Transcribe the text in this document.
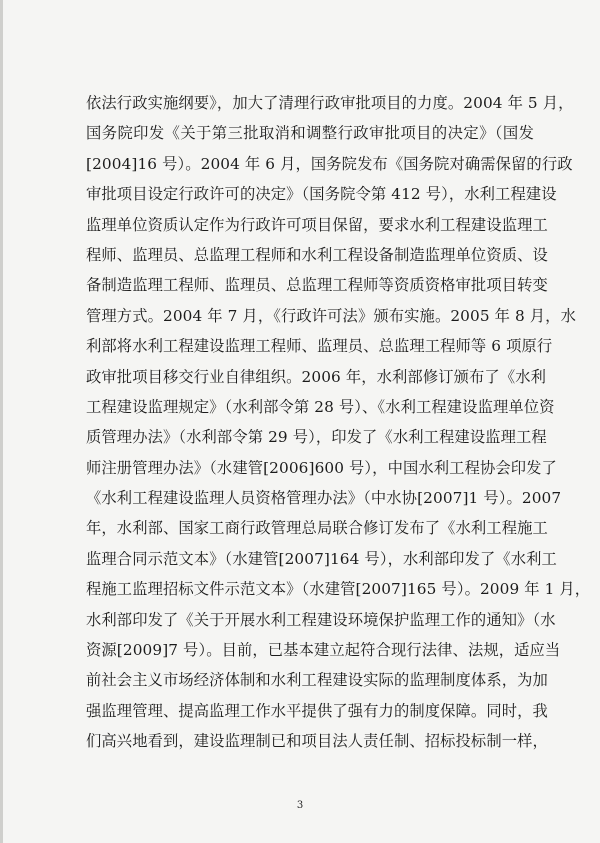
依法行政实施纲要》，加大了清理行政审批项目的力度。2004 年 5 月，
国务院印发《关于第三批取消和调整行政审批项目的决定》（国发
[2004]16 号）。2004 年 6 月，国务院发布《国务院对确需保留的行政
审批项目设定行政许可的决定》（国务院令第 412 号），水利工程建设
监理单位资质认定作为行政许可项目保留，要求水利工程建设监理工
程师、监理员、总监理工程师和水利工程设备制造监理单位资质、设
备制造监理工程师、监理员、总监理工程师等资质资格审批项目转变
管理方式。2004 年 7 月，《行政许可法》颁布实施。2005 年 8 月，水
利部将水利工程建设监理工程师、监理员、总监理工程师等 6 项原行
政审批项目移交行业自律组织。2006 年，水利部修订颁布了《水利
工程建设监理规定》（水利部令第 28 号）、《水利工程建设监理单位资
质管理办法》（水利部令第 29 号），印发了《水利工程建设监理工程
师注册管理办法》（水建管[2006]600 号），中国水利工程协会印发了
《水利工程建设监理人员资格管理办法》（中水协[2007]1 号）。2007
年，水利部、国家工商行政管理总局联合修订发布了《水利工程施工
监理合同示范文本》（水建管[2007]164 号），水利部印发了《水利工
程施工监理招标文件示范文本》（水建管[2007]165 号）。2009 年 1 月，
水利部印发了《关于开展水利工程建设环境保护监理工作的通知》（水
资源[2009]7 号）。目前，已基本建立起符合现行法律、法规，适应当
前社会主义市场经济体制和水利工程建设实际的监理制度体系，为加
强监理管理、提高监理工作水平提供了强有力的制度保障。同时，我
们高兴地看到，建设监理制已和项目法人责任制、招标投标制一样，
3
